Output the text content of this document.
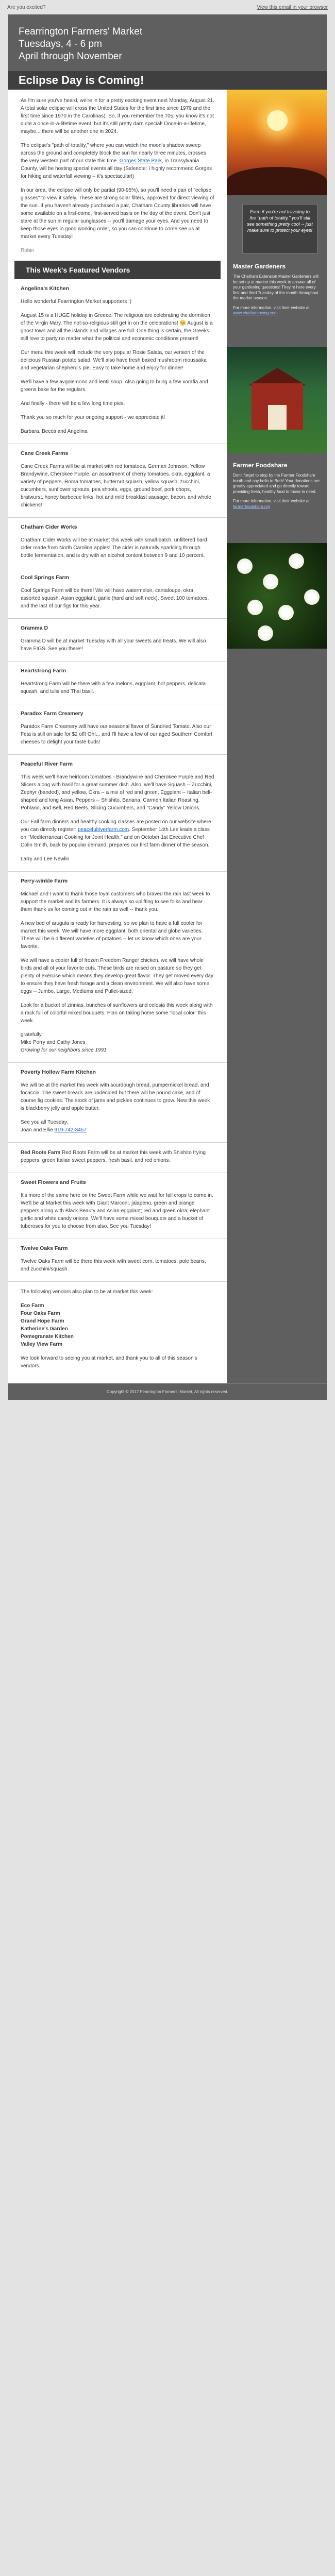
Are you excited?	View this email in your browser
Fearrington Farmers' Market
Tuesdays, 4 - 6 pm
April through November
Eclipse Day is Coming!

As I'm sure you've heard, we're in for a pretty exciting event next Monday, August 21. A total solar eclipse will cross the United States for the first time since 1979 and the first time since 1970 in the Carolinas). So, if you remember the 70s, you know it's not quite a once-in-a-lifetime event, but it's still pretty darn special! Once-in-a-lifetime, maybe... there will be another one in 2024.

The eclipse's "path of totality," where you can watch the moon's shadow sweep across the ground and completely block the sun for nearly three minutes, crosses the very western part of our state this time. Gorges State Park, in Transylvania County, will be hosting special events all day (Sidenote: I highly recommend Gorges for hiking and waterfall viewing -- it's spectacular!)

In our area, the eclipse will only be partial (90-95%), so you'll need a pair of "eclipse glasses" to view it safely. These are strong solar filters, approved for direct viewing of the sun. If you haven't already purchased a pair, Chatham County libraries will have some available on a first-come, first-served basis on the day of the event. Don't just stare at the sun in regular sunglasses -- you'll damage your eyes. And you need to keep those eyes in good working order, so you can continue to come see us at market every Tuesday!

Robin

This Week's Featured Vendors
Angelina's Kitchen

Hello wonderful Fearrington Market supporters :)

August 15 is a HUGE holiday in Greece. The religious are celebrating the dormition of the Virgin Mary. The not-so-religious still get in on the celebrations! 😊 August is a ghost town and all the islands and villages are full. One thing is certain, the Greeks still love to party no matter what the political and economic conditions present!

Our menu this week will include the very popular Rosie Salata, our version of the delicious Russian potato salad. We'll also have fresh baked mushroom moussaka and vegetarian shepherd's pie. Easy to take home and enjoy for dinner!

We'll have a few avgolemono and lentil soup. Also going to bring a few xorafia and greens bake for the regulars.

And finally - there will be a few long time pies.

Thank you so much for your ongoing support - we appreciate it!

Barbara, Becca and Angelina

Cane Creek Farms

Cane Creek Farms will be at market with red tomatoes, German Johnson, Yellow Brandywine, Cherokee Purple, an assortment of cherry tomatoes, okra, eggplant, a variety of peppers, Roma tomatoes, butternut squash, yellow squash, zucchini, cucumbers, sunflower sprouts, pea shoots, eggs, ground beef, pork chops, bratwurst, honey barbecue links, hot and mild breakfast sausage, bacon, and whole chickens!

Chatham Cider Works

Chatham Cider Works will be at market this week with small-batch, unfiltered hard cider made from North Carolina apples! The cider is naturally sparkling through bottle fermentation, and is dry with an alcohol content between 9 and 10 percent.

Cool Springs Farm

Cool Springs Farm will be there! We will have watermelon, cantaloupe, okra, assorted squash, Asian eggplant, garlic (hard and soft neck), Sweet 100 tomatoes, and the last of our figs for this year.

Gramma D

Gramma D will be at market Tuesday with all your sweets and treats. We will also have FIGS. See you there!!

Heartstrong Farm

Heartstrong Farm will be there with a few melons, eggplant, hot peppers, delicata squash, and tulsi and Thai basil.

Paradox Farm Creamery

Paradox Farm Creamery will have our seasonal flavor of Sundried Tomato. Also our Feta is still on sale for $2 off! Oh!... and I'll have a few of our aged Southern Comfort cheeses to delight your taste buds!

Peaceful River Farm

This week we'll have heirloom tomatoes - Brandywine and Cherokee Purple and Red Slicers along with basil for a great summer dish. Also, we'll have Squash -- Zucchini, Zephyr (banded), and yellow, Okra -- a mix of red and green, Eggplant -- Italian bell-shaped and long Asian, Peppers -- Shishito, Banana, Carmen Italian Roasting, Poblano, and Bell, Red Beets, Slicing Cucumbers, and "Candy" Yellow Onions.

Our Fall farm dinners and healthy cooking classes are posted on our website where you can directly register: peacefulriverfarm.com. September 14th Lee leads a class on "Mediterranean Cooking for Joint Health," and on October 1st Executive Chef Colin Smith, back by popular demand, prepares our first farm dinner of the season.

Larry and Lee Newlin

Perry-winkle Farm

Michael and I want to thank those loyal customers who braved the rain last week to support the market and its farmers. It is always so uplifting to see folks and hear them thank us for coming out in the rain as well -- thank you.

A new bed of arugula is ready for harvesting, so we plan to have a full cooler for market this week. We will have more eggplant, both oriental and globe varieties. There will be 6 different varieties of potatoes -- let us know which ones are your favorite.

We will have a cooler full of frozen Freedom Ranger chicken, we will have whole birds and all of your favorite cuts. These birds are raised on pasture so they get plenty of exercise which means they develop great flavor. They get moved every day to ensure they have fresh forage and a clean environment. We will also have some eggs -- Jumbo, Large, Mediums and Pullet-sized.

Look for a bucket of zinnias, bunches of sunflowers and celosia this week along with a rack full of colorful mixed bouquets. Plan on taking home some "local color" this week.

gratefully,

Mike Perry and Cathy Jones

Growing for our neighbors since 1991

Poverty Hollow Farm Kitchen

We will be at the market this week with sourdough bread, pumpernickel bread, and focaccia. The sweet breads are undecided but there will be pound cake, and of course fig cookies. The stock of jams and pickles continues to grow. New this week is blackberry jelly and apple butter.

See you all Tuesday,

Joan and Ellie 919-742-3457

Red Roots Farm Red Roots Farm will be at market this week with Shishito frying peppers, green Italian sweet peppers, fresh basil, and red onions.

Sweet Flowers and Fruits

It's more of the same here on the Sweet Farm while we wait for fall crops to come in. We'll be at Market this week with Giant Marconi, jalapeno, green and orange peppers along with Black Beauty and Asian eggplant; red and green okra; elephant garlic and white candy onions. We'll have some mixed bouquets and a bucket of tuberoses for you to choose from also. See you Tuesday!

Twelve Oaks Farm

Twelve Oaks Farm will be there this week with sweet corn, tomatoes, pole beans, and zucchini/squash.

The following vendors also plan to be at market this week:

Eco Farm
Four Oaks Farm
Grand Hope Farm
Katherine's Garden
Pomegranate Kitchen
Valley View Farm

We look forward to seeing you at market, and thank you to all of this season's vendors.

Even if you're not traveling to the "path of totality," you'll still see something pretty cool -- just make sure to protect your eyes!
Master Gardeners
The Chatham Extension Master Gardeners will be set up at market this week to answer all of your gardening questions! They're here every first and third Tuesday of the month throughout the market season.
For more information, visit their website at www.chathamncmg.com
Farmer Foodshare
Don't forget to stop by the Farmer Foodshare booth and say hello to Beth! Your donations are greatly appreciated and go directly toward providing fresh, healthy food to those in need.
For more information, visit their website at farmerfoodshare.org
Copyright © 2017 Fearrington Farmers' Market, All rights reserved.
